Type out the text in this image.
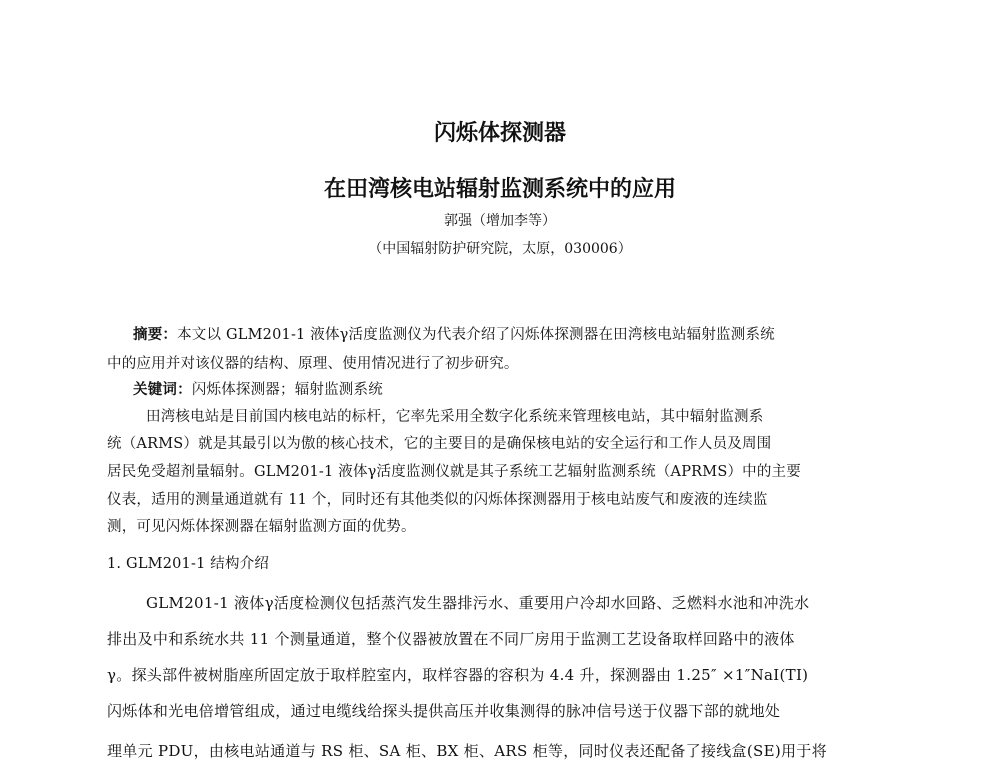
闪烁体探测器
在田湾核电站辐射监测系统中的应用
郭强（增加李等）
（中国辐射防护研究院，太原，030006）
摘要：本文以 GLM201-1 液体γ活度监测仪为代表介绍了闪烁体探测器在田湾核电站辐射监测系统
中的应用并对该仪器的结构、原理、使用情况进行了初步研究。
关键词：闪烁体探测器；辐射监测系统
田湾核电站是目前国内核电站的标杆，它率先采用全数字化系统来管理核电站，其中辐射监测系
统（ARMS）就是其最引以为傲的核心技术，它的主要目的是确保核电站的安全运行和工作人员及周围
居民免受超剂量辐射。GLM201-1 液体γ活度监测仪就是其子系统工艺辐射监测系统（APRMS）中的主要
仪表，适用的测量通道就有 11 个，同时还有其他类似的闪烁体探测器用于核电站废气和废液的连续监
测，可见闪烁体探测器在辐射监测方面的优势。
1. GLM201-1 结构介绍
GLM201-1 液体γ活度检测仪包括蒸汽发生器排污水、重要用户冷却水回路、乏燃料水池和冲洗水
排出及中和系统水共 11 个测量通道，整个仪器被放置在不同厂房用于监测工艺设备取样回路中的液体
γ。探头部件被树脂座所固定放于取样腔室内，取样容器的容积为 4.4 升，探测器由 1.25″ ×1″NaI(TI)
闪烁体和光电倍增管组成，通过电缆线给探头提供高压并收集测得的脉冲信号送于仪器下部的就地处
理单元 PDU，由核电站通道与 RS 柜、SA 柜、BX 柜、ARS 柜等，同时仪表还配备了接线盒(SE)用于将
